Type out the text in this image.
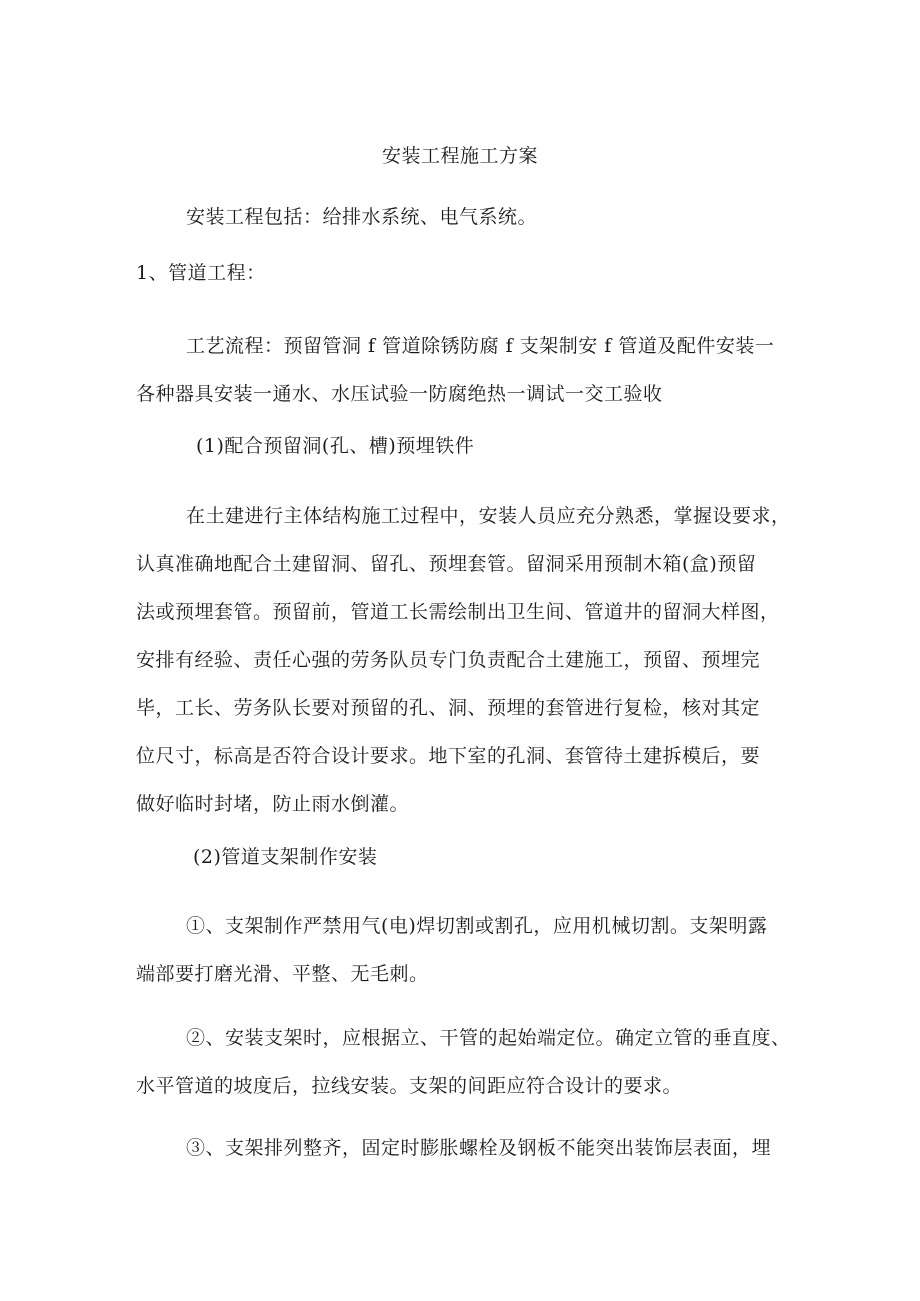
安装工程施工方案
安装工程包括：给排水系统、电气系统。
1、管道工程：
工艺流程：预留管洞 f 管道除锈防腐 f 支架制安 f 管道及配件安装一
各种器具安装一通水、水压试验一防腐绝热一调试一交工验收
(1)配合预留洞(孔、槽)预埋铁件
在土建进行主体结构施工过程中，安装人员应充分熟悉，掌握设要求，
认真准确地配合土建留洞、留孔、预埋套管。留洞采用预制木箱(盒)预留
法或预埋套管。预留前，管道工长需绘制出卫生间、管道井的留洞大样图，
安排有经验、责任心强的劳务队员专门负责配合土建施工，预留、预埋完
毕，工长、劳务队长要对预留的孔、洞、预埋的套管进行复检，核对其定
位尺寸，标高是否符合设计要求。地下室的孔洞、套管待土建拆模后，要
做好临时封堵，防止雨水倒灌。
(2)管道支架制作安装
①、支架制作严禁用气(电)焊切割或割孔，应用机械切割。支架明露
端部要打磨光滑、平整、无毛刺。
②、安装支架时，应根据立、干管的起始端定位。确定立管的垂直度、
水平管道的坡度后，拉线安装。支架的间距应符合设计的要求。
③、支架排列整齐，固定时膨胀螺栓及钢板不能突出装饰层表面，埋
